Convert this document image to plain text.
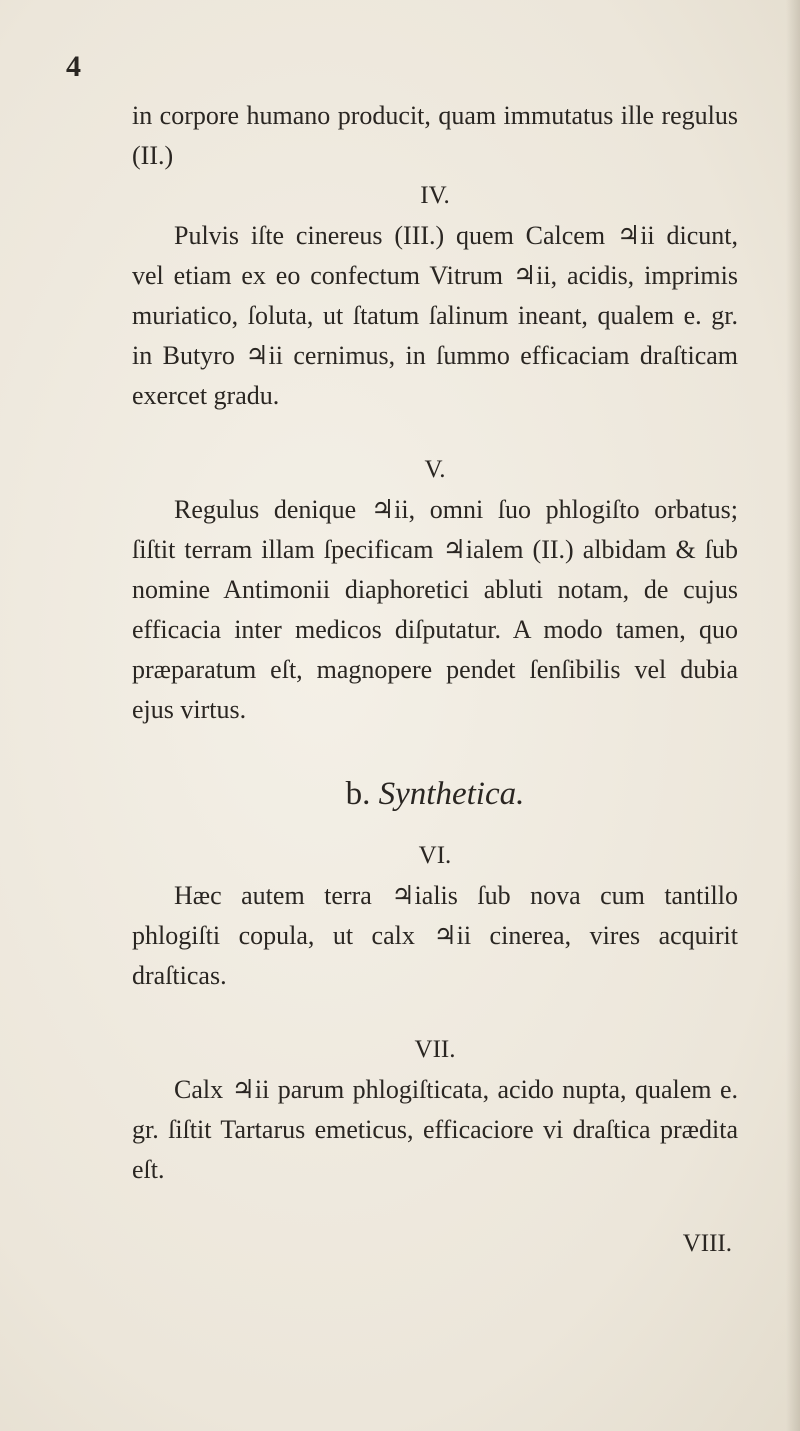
4

in corpore humano producit, quam immutatus ille regulus (II.)

IV.

Pulvis iſte cinereus (III.) quem Calcem ♃ii dicunt, vel etiam ex eo confectum Vitrum ♃ii, acidis, imprimis muriatico, ſoluta, ut ſtatum ſalinum ineant, qualem e. gr. in Butyro ♃ii cernimus, in ſummo efficaciam draſticam exercet gradu.

V.

Regulus denique ♃ii, omni ſuo phlogiſto orbatus; ſiſtit terram illam ſpecificam ♃ialem (II.) albidam & ſub nomine Antimonii diaphoretici abluti notam, de cujus efficacia inter medicos diſputatur. A modo tamen, quo præparatum eſt, magnopere pendet ſenſibilis vel dubia ejus virtus.

b. Synthetica.
VI.

Hæc autem terra ♃ialis ſub nova cum tantillo phlogiſti copula, ut calx ♃ii cinerea, vires acquirit draſticas.

VII.

Calx ♃ii parum phlogiſticata, acido nupta, qualem e. gr. ſiſtit Tartarus emeticus, efficaciore vi draſtica prædita eſt.

VIII.
